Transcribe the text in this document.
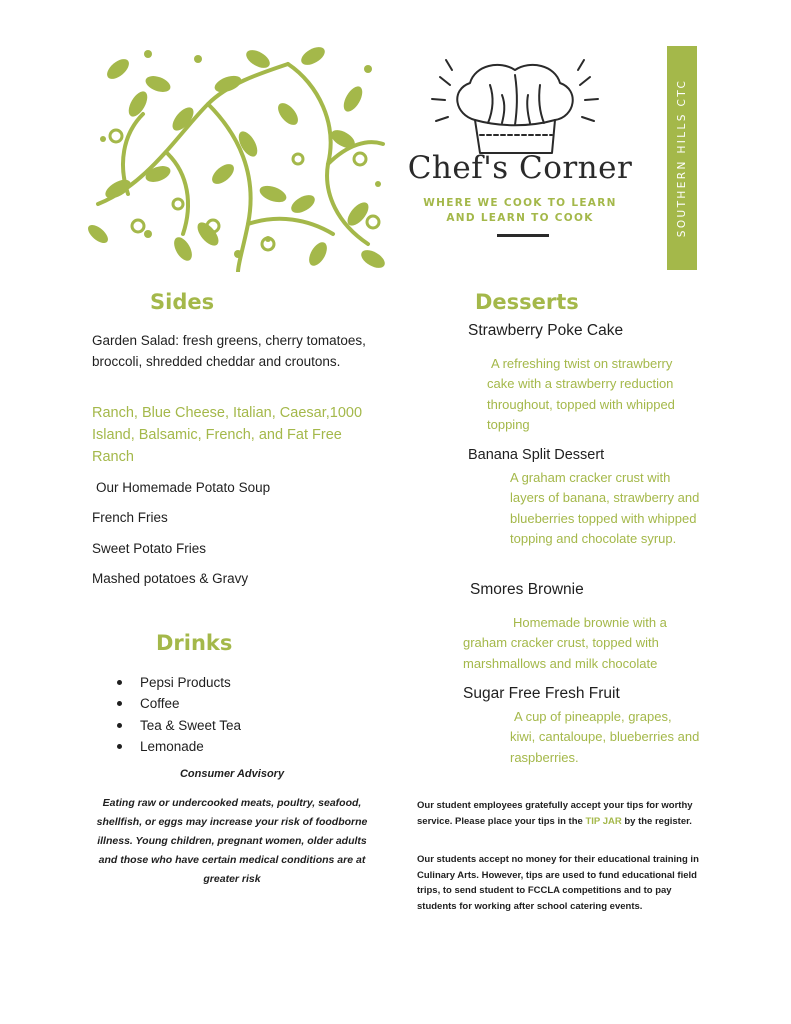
Chef's Corner
WHERE WE COOK TO LEARN
AND LEARN TO COOK	SOUTHERN HILLS CTC
Sides
Garden Salad: fresh greens, cherry tomatoes, broccoli, shredded cheddar and croutons.
Ranch, Blue Cheese, Italian, Caesar,1000 Island, Balsamic, French, and Fat Free Ranch
Our Homemade Potato Soup
French Fries
Sweet Potato Fries
Mashed potatoes & Gravy
Drinks
Pepsi Products
Coffee
Tea & Sweet Tea
Lemonade
Consumer Advisory
Eating raw or undercooked meats, poultry, seafood, shellfish, or eggs may increase your risk of foodborne illness. Young children, pregnant women, older adults and those who have certain medical conditions are at greater risk
Desserts
Strawberry Poke Cake
A refreshing twist on strawberry cake with a strawberry reduction throughout, topped with whipped topping
Banana Split Dessert
A graham cracker crust with layers of banana, strawberry and blueberries topped with whipped topping and chocolate syrup.
Smores Brownie
Homemade brownie with a graham cracker crust, topped with marshmallows and milk chocolate
Sugar Free Fresh Fruit
A cup of pineapple, grapes, kiwi, cantaloupe, blueberries and raspberries.
Our student employees gratefully accept your tips for worthy service. Please place your tips in the TIP JAR by the register.
Our students accept no money for their educational training in Culinary Arts. However, tips are used to fund educational field trips, to send student to FCCLA competitions and to pay students for working after school catering events.
